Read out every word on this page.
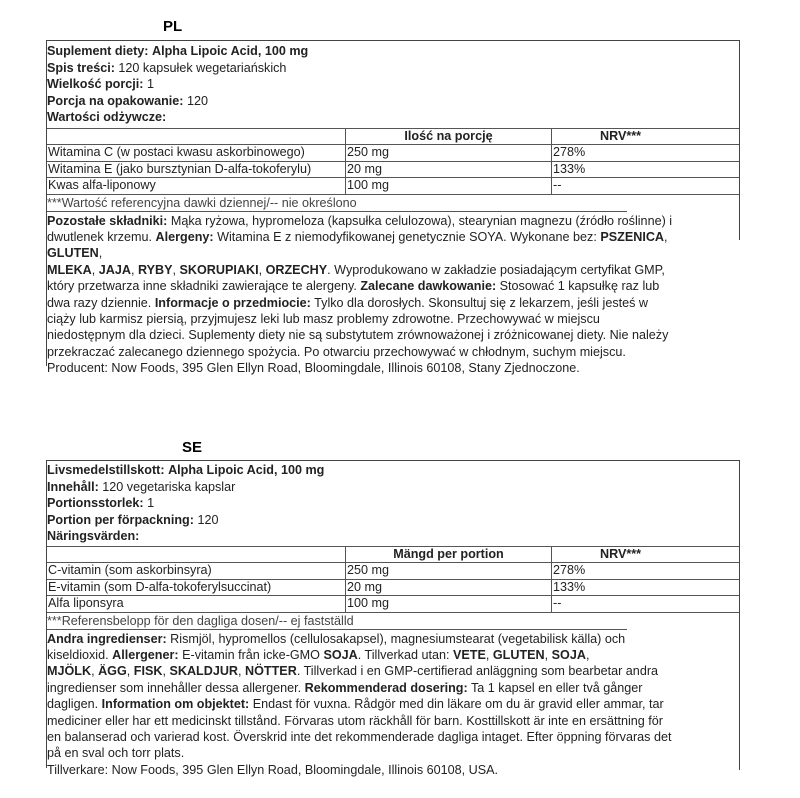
PL
Suplement diety: Alpha Lipoic Acid, 100 mg
Spis treści: 120 kapsułek wegetariańskich
Wielkość porcji: 1
Porcja na opakowanie: 120
Wartości odżywcze:
	Ilość na porcję	NRV***
Witamina C (w postaci kwasu askorbinowego)	250 mg	278%
Witamina E (jako bursztynian D-alfa-tokoferylu)	20 mg	133%
Kwas alfa-liponowy	100 mg	--
***Wartość referencyjna dawki dziennej/-- nie określono
Pozostałe składniki: Mąka ryżowa, hypromeloza (kapsułka celulozowa), stearynian magnezu (źródło roślinne) i
dwutlenek krzemu. Alergeny: Witamina E z niemodyfikowanej genetycznie SOYA. Wykonane bez: PSZENICA,
GLUTEN,
MLEKA, JAJA, RYBY, SKORUPIAKI, ORZECHY. Wyprodukowano w zakładzie posiadającym certyfikat GMP,
który przetwarza inne składniki zawierające te alergeny. Zalecane dawkowanie: Stosować 1 kapsułkę raz lub
dwa razy dziennie. Informacje o przedmiocie: Tylko dla dorosłych. Skonsultuj się z lekarzem, jeśli jesteś w
ciąży lub karmisz piersią, przyjmujesz leki lub masz problemy zdrowotne. Przechowywać w miejscu
niedostępnym dla dzieci. Suplementy diety nie są substytutem zrównoważonej i zróżnicowanej diety. Nie należy
przekraczać zalecanego dziennego spożycia. Po otwarciu przechowywać w chłodnym, suchym miejscu.
Producent: Now Foods, 395 Glen Ellyn Road, Bloomingdale, Illinois 60108, Stany Zjednoczone.
SE
Livsmedelstillskott: Alpha Lipoic Acid, 100 mg
Innehåll: 120 vegetariska kapslar
Portionsstorlek: 1
Portion per förpackning: 120
Näringsvärden:
	Mängd per portion	NRV***
C-vitamin (som askorbinsyra)	250 mg	278%
E-vitamin (som D-alfa-tokoferylsuccinat)	20 mg	133%
Alfa liponsyra	100 mg	--
***Referensbelopp för den dagliga dosen/-- ej fastställd
Andra ingredienser: Rismjöl, hypromellos (cellulosakapsel), magnesiumstearat (vegetabilisk källa) och
kiseldioxid. Allergener: E-vitamin från icke-GMO SOJA. Tillverkad utan: VETE, GLUTEN, SOJA,
MJÖLK, ÄGG, FISK, SKALDJUR, NÖTTER. Tillverkad i en GMP-certifierad anläggning som bearbetar andra
ingredienser som innehåller dessa allergener. Rekommenderad dosering: Ta 1 kapsel en eller två gånger
dagligen. Information om objektet: Endast för vuxna. Rådgör med din läkare om du är gravid eller ammar, tar
mediciner eller har ett medicinskt tillstånd. Förvaras utom räckhåll för barn. Kosttillskott är inte en ersättning för
en balanserad och varierad kost. Överskrid inte det rekommenderade dagliga intaget. Efter öppning förvaras det
på en sval och torr plats.
Tillverkare: Now Foods, 395 Glen Ellyn Road, Bloomingdale, Illinois 60108, USA.
